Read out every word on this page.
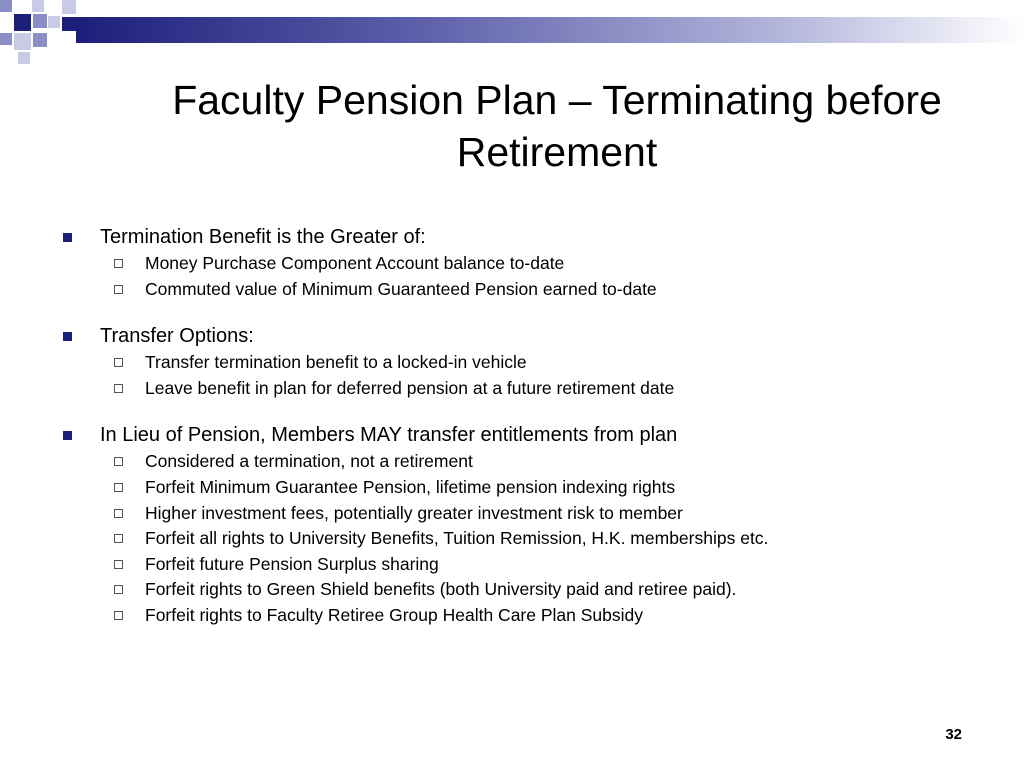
Faculty Pension Plan – Terminating before
Retirement
Termination Benefit is the Greater of:
Money Purchase Component Account balance to-date
Commuted value of Minimum Guaranteed Pension earned to-date
Transfer Options:
Transfer termination benefit to a locked-in vehicle
Leave benefit in plan for deferred pension at a future retirement date
In Lieu of Pension, Members MAY transfer entitlements from plan
Considered a termination, not a retirement
Forfeit Minimum Guarantee Pension, lifetime pension indexing rights
Higher investment fees, potentially greater investment risk to member
Forfeit all rights to University Benefits, Tuition Remission, H.K. memberships etc.
Forfeit future Pension Surplus sharing
Forfeit rights to Green Shield benefits (both University paid and retiree paid).
Forfeit rights to Faculty Retiree Group Health Care Plan Subsidy
32
